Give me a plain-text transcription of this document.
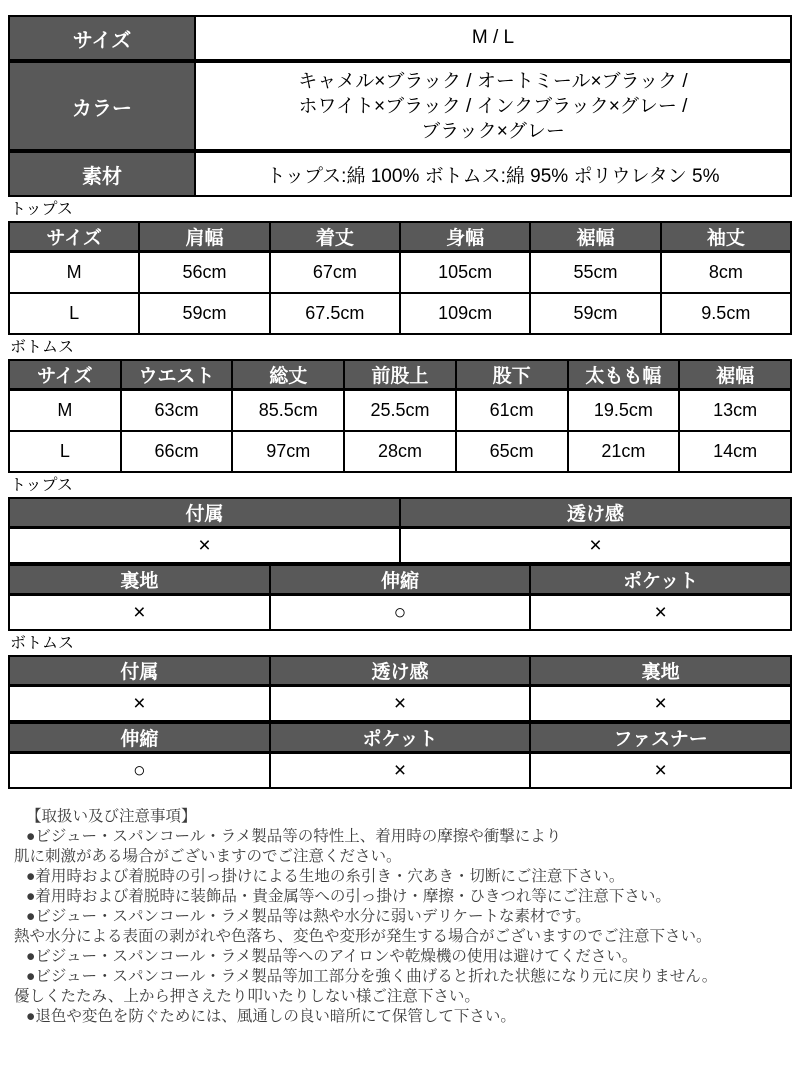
サイズ	M / L
カラー	キャメル×ブラック / オートミール×ブラック /
ホワイト×ブラック / インクブラック×グレー /
ブラック×グレー

素材	トップス:綿 100% ボトムス:綿 95% ポリウレタン 5%
トップス
サイズ	肩幅	着丈	身幅	裾幅	袖丈
M	56cm	67cm	105cm	55cm	8cm
L	59cm	67.5cm	109cm	59cm	9.5cm
ボトムス
サイズ	ウエスト	総丈	前股上	股下	太もも幅	裾幅
M	63cm	85.5cm	25.5cm	61cm	19.5cm	13cm
L	66cm	97cm	28cm	65cm	21cm	14cm
トップス
付属	透け感
×	×
裏地	伸縮	ポケット
×	○	×
ボトムス
付属	透け感	裏地
×	×	×
伸縮	ポケット	ファスナー
○	×	×
【取扱い及び注意事項】
●ビジュー・スパンコール・ラメ製品等の特性上、着用時の摩擦や衝撃により
肌に刺激がある場合がございますのでご注意ください。
●着用時および着脱時の引っ掛けによる生地の糸引き・穴あき・切断にご注意下さい。
●着用時および着脱時に装飾品・貴金属等への引っ掛け・摩擦・ひきつれ等にご注意下さい。
●ビジュー・スパンコール・ラメ製品等は熱や水分に弱いデリケートな素材です。
熱や水分による表面の剥がれや色落ち、変色や変形が発生する場合がございますのでご注意下さい。
●ビジュー・スパンコール・ラメ製品等へのアイロンや乾燥機の使用は避けてください。
●ビジュー・スパンコール・ラメ製品等加工部分を強く曲げると折れた状態になり元に戻りません。
優しくたたみ、上から押さえたり叩いたりしない様ご注意下さい。
●退色や変色を防ぐためには、風通しの良い暗所にて保管して下さい。
